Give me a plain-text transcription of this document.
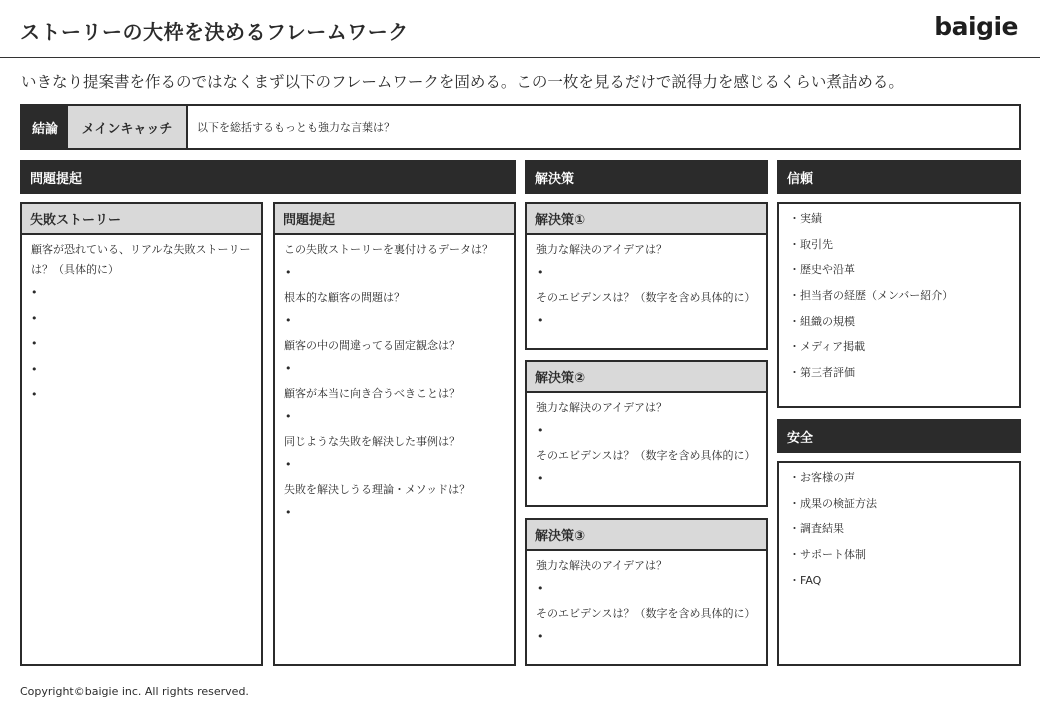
ストーリーの大枠を決めるフレームワーク	baigie
いきなり提案書を作るのではなくまず以下のフレームワークを固める。この一枚を見るだけで説得力を感じるくらい煮詰める。
結論	メインキャッチ	以下を総括するもっとも強力な言葉は？
問題提起	解決策	信頼
安全
失敗ストーリー
顧客が恐れている、リアルな失敗ストーリーは？（具体的に）
•
•
•
•
•
問題提起
この失敗ストーリーを裏付けるデータは？
•
根本的な顧客の問題は？
•
顧客の中の間違ってる固定観念は？
•
顧客が本当に向き合うべきことは？
•
同じような失敗を解決した事例は？
•
失敗を解決しうる理論・メソッドは？
•
解決策①
強力な解決のアイデアは？
•
そのエビデンスは？（数字を含め具体的に）
•
解決策②
強力な解決のアイデアは？
•
そのエビデンスは？（数字を含め具体的に）
•
解決策③
強力な解決のアイデアは？
•
そのエビデンスは？（数字を含め具体的に）
•
・ 実績
・ 取引先
・ 歴史や沿革
・ 担当者の経歴（メンバー紹介）
・ 組織の規模
・ メディア掲載
・ 第三者評価
・ お客様の声
・ 成果の検証方法
・ 調査結果
・ サポート体制
・ FAQ
Copyright©baigie inc. All rights reserved.
